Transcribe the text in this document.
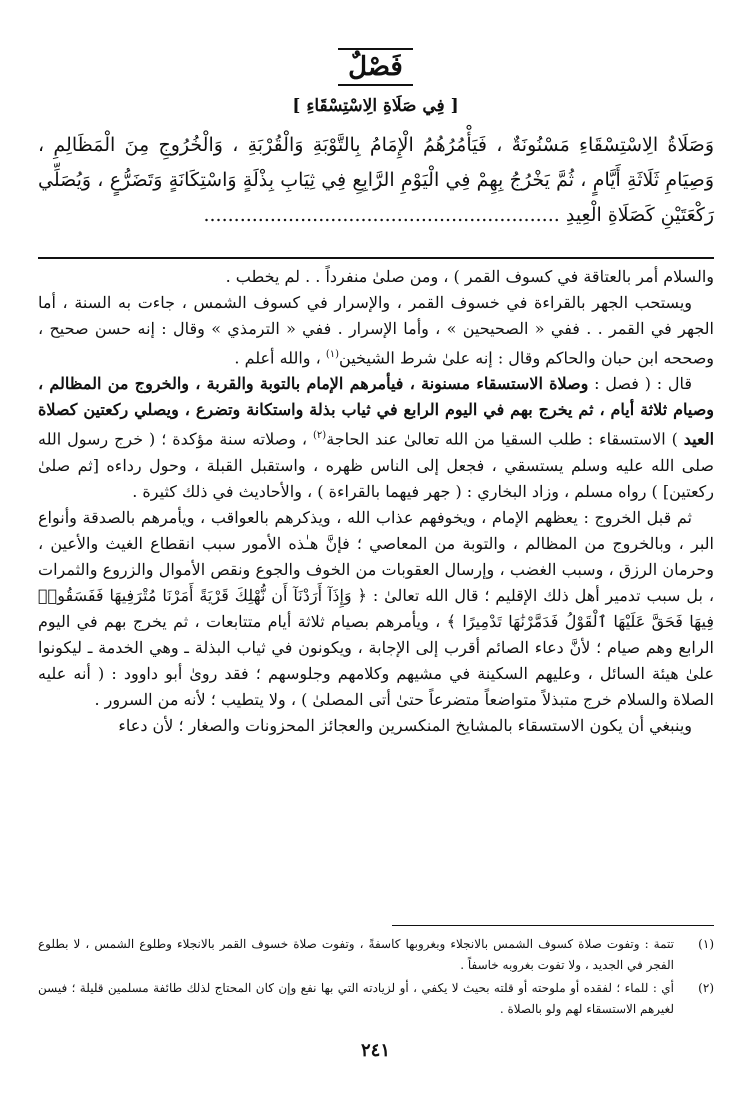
فَصْلٌ
[ فِي صَلَاةِ الِاسْتِسْقَاءِ ]
وَصَلَاةُ الِاسْتِسْقَاءِ مَسْنُونَةٌ ، فَيَأْمُرُهُمُ الْإِمَامُ بِالتَّوْبَةِ وَالْقُرْبَةِ ، وَالْخُرُوجِ مِنَ الْمَظَالِمِ ، وَصِيَامِ ثَلَاثَةِ أَيَّامٍ ، ثُمَّ يَخْرُجُ بِهِمْ فِي الْيَوْمِ الرَّابِعِ فِي ثِيَابِ بِذْلَةٍ وَاسْتِكَانَةٍ وَتَضَرُّعٍ ، وَيُصَلِّي رَكْعَتَيْنِ كَصَلَاةِ الْعِيدِ ...........................................................

والسلام أمر بالعتاقة في كسوف القمر ) ، ومن صلىٰ منفرداً . . لم يخطب .

ويستحب الجهر بالقراءة في خسوف القمر ، والإسرار في كسوف الشمس ، جاءت به السنة ، أما الجهر في القمر . . ففي « الصحيحين » ، وأما الإسرار . ففي « الترمذي » وقال : إنه حسن صحيح ، وصححه ابن حبان والحاكم وقال : إنه علىٰ شرط الشيخين$^{(١)}$ ، والله أعلم .

قال : ( فصل : وصلاة الاستسقاء مسنونة ، فيأمرهم الإمام بالتوبة والقربة ، والخروج من المظالم ، وصيام ثلاثة أيام ، ثم يخرج بهم في اليوم الرابع في ثياب بذلة واستكانة وتضرع ، ويصلي ركعتين كصلاة العيد ) الاستسقاء : طلب السقيا من الله تعالىٰ عند الحاجة$^{(٢)}$ ، وصلاته سنة مؤكدة ؛ ( خرج رسول الله صلى الله عليه وسلم يستسقي ، فجعل إلى الناس ظهره ، واستقبل القبلة ، وحول رداءه [ثم صلىٰ ركعتين] ) رواه مسلم ، وزاد البخاري : ( جهر فيهما بالقراءة ) ، والأحاديث في ذلك كثيرة .

ثم قبل الخروج : يعظهم الإمام ، ويخوفهم عذاب الله ، ويذكرهم بالعواقب ، ويأمرهم بالصدقة وأنواع البر ، وبالخروج من المظالم ، والتوبة من المعاصي ؛ فإنَّ هـٰذه الأمور سبب انقطاع الغيث والأعين ، وحرمان الرزق ، وسبب الغضب ، وإرسال العقوبات من الخوف والجوع ونقص الأموال والزروع والثمرات ، بل سبب تدمير أهل ذلك الإقليم ؛ قال الله تعالىٰ : ﴿ وَإِذَآ أَرَدْنَآ أَن نُّهْلِكَ قَرْيَةً أَمَرْنَا مُتْرَفِيهَا فَفَسَقُوا۟ فِيهَا فَحَقَّ عَلَيْهَا ٱلْقَوْلُ فَدَمَّرْنَٰهَا تَدْمِيرًا ﴾ ، ويأمرهم بصيام ثلاثة أيام متتابعات ، ثم يخرج بهم في اليوم الرابع وهم صيام ؛ لأنَّ دعاء الصائم أقرب إلى الإجابة ، ويكونون في ثياب البذلة ـ وهي الخدمة ـ ليكونوا علىٰ هيئة السائل ، وعليهم السكينة في مشيهم وكلامهم وجلوسهم ؛ فقد روىٰ أبو داوود : ( أنه عليه الصلاة والسلام خرج متبذلاً متواضعاً متضرعاً حتىٰ أتى المصلىٰ ) ، ولا يتطيب ؛ لأنه من السرور .

وينبغي أن يكون الاستسقاء بالمشايخ المنكسرين والعجائز المحزونات والصغار ؛ لأن دعاء

(١)
تتمة : وتفوت صلاة كسوف الشمس بالانجلاء وبغروبها كاسفةً ، وتفوت صلاة خسوف القمر بالانجلاء وطلوع الشمس ، لا بطلوع الفجر في الجديد ، ولا تفوت بغروبه خاسفاً .
(٢)
أي : للماء ؛ لفقده أو ملوحته أو قلته بحيث لا يكفي ، أو لزيادته التي بها نفع وإن كان المحتاج لذلك طائفة مسلمين قليلة ؛ فيسن لغيرهم الاستسقاء لهم ولو بالصلاة .
٢٤١
